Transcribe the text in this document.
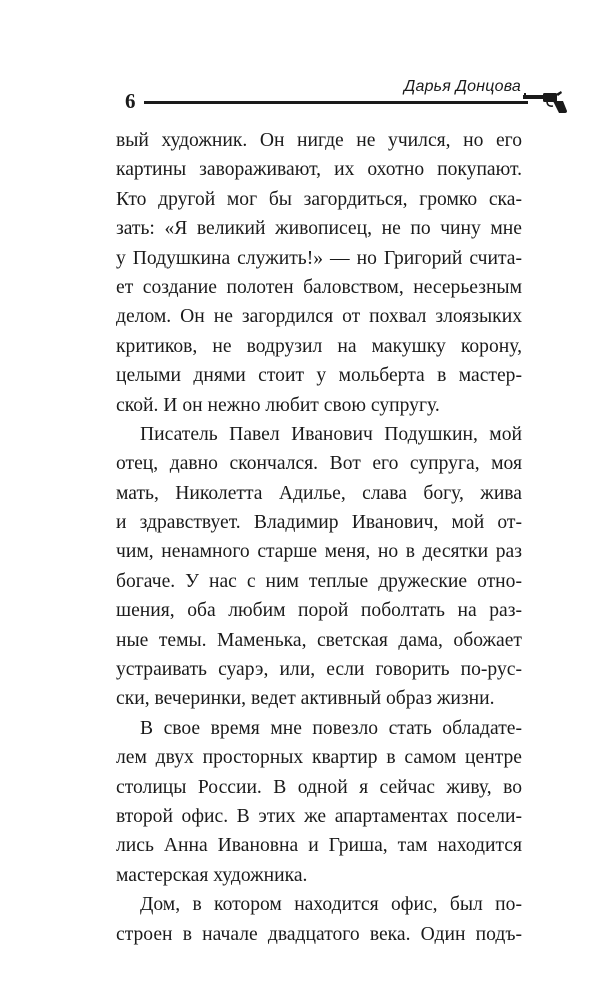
6
Дарья Донцова
вый художник. Он нигде не учился, но его
картины завораживают, их охотно покупают.
Кто другой мог бы загордиться, громко ска-
зать: «Я великий живописец, не по чину мне
у Подушкина служить!» — но Григорий счита-
ет создание полотен баловством, несерьезным
делом. Он не загордился от похвал злоязыких
критиков, не водрузил на макушку корону,
целыми днями стоит у мольберта в мастер-
ской. И он нежно любит свою супругу.
Писатель Павел Иванович Подушкин, мой
отец, давно скончался. Вот его супруга, моя
мать, Николетта Адилье, слава богу, жива
и здравствует. Владимир Иванович, мой от-
чим, ненамного старше меня, но в десятки раз
богаче. У нас с ним теплые дружеские отно-
шения, оба любим порой поболтать на раз-
ные темы. Маменька, светская дама, обожает
устраивать суарэ, или, если говорить по-рус-
ски, вечеринки, ведет активный образ жизни.
В свое время мне повезло стать обладате-
лем двух просторных квартир в самом центре
столицы России. В одной я сейчас живу, во
второй офис. В этих же апартаментах посели-
лись Анна Ивановна и Гриша, там находится
мастерская художника.
Дом, в котором находится офис, был по-
строен в начале двадцатого века. Один подъ-
